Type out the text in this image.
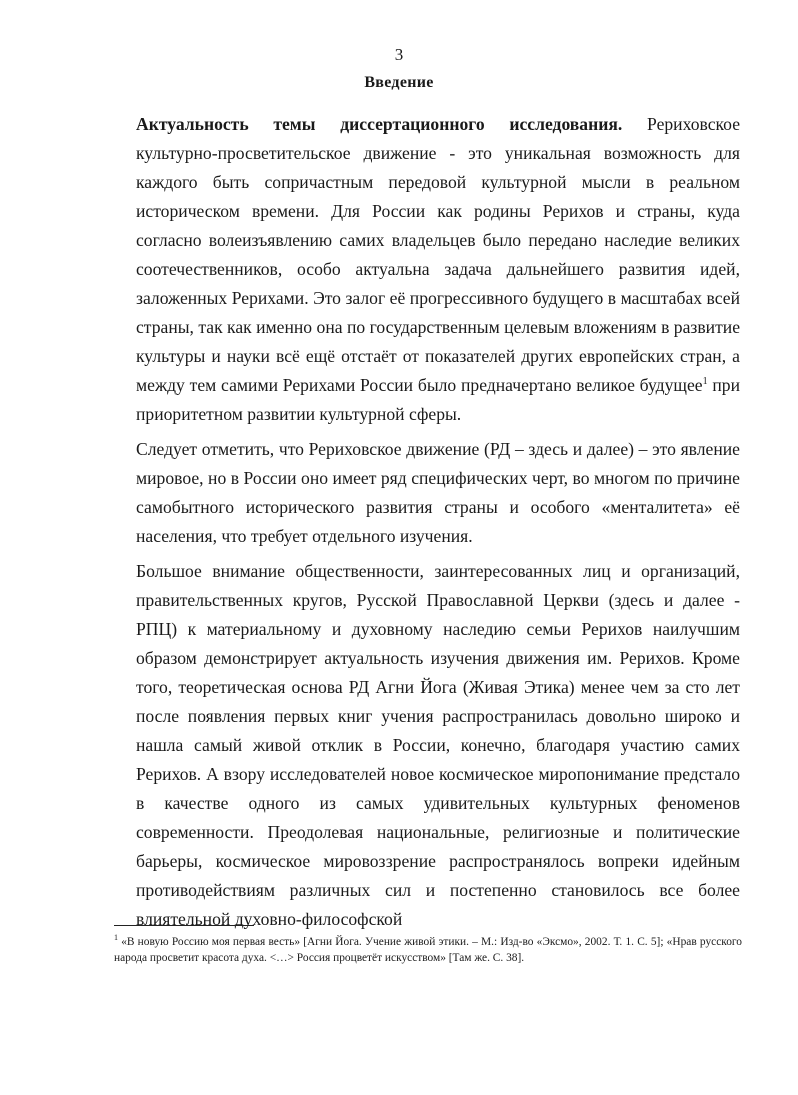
3
Введение

Актуальность темы диссертационного исследования. Рериховское культурно-просветительское движение - это уникальная возможность для каждого быть сопричастным передовой культурной мысли в реальном историческом времени. Для России как родины Рерихов и страны, куда согласно волеизъявлению самих владельцев было передано наследие великих соотечественников, особо актуальна задача дальнейшего развития идей, заложенных Рерихами. Это залог её прогрессивного будущего в масштабах всей страны, так как именно она по государственным целевым вложениям в развитие культуры и науки всё ещё отстаёт от показателей других европейских стран, а между тем самими Рерихами России было предначертано великое будущее$^1$ при приоритетном развитии культурной сферы.

Следует отметить, что Рериховское движение (РД – здесь и далее) – это явление мировое, но в России оно имеет ряд специфических черт, во многом по причине самобытного исторического развития страны и особого «менталитета» её населения, что требует отдельного изучения.

Большое внимание общественности, заинтересованных лиц и организаций, правительственных кругов, Русской Православной Церкви (здесь и далее - РПЦ) к материальному и духовному наследию семьи Рерихов наилучшим образом демонстрирует актуальность изучения движения им. Рерихов. Кроме того, теоретическая основа РД Агни Йога (Живая Этика) менее чем за сто лет после появления первых книг учения распространилась довольно широко и нашла самый живой отклик в России, конечно, благодаря участию самих Рерихов. А взору исследователей новое космическое миропонимание предстало в качестве одного из самых удивительных культурных феноменов современности. Преодолевая национальные, религиозные и политические барьеры, космическое мировоззрение распространялось вопреки идейным противодействиям различных сил и постепенно становилось все более влиятельной духовно-философской

$^1$ «В новую Россию моя первая весть» [Агни Йога. Учение живой этики. – М.: Изд-во «Эксмо», 2002. Т. 1. С. 5]; «Нрав русского народа просветит красота духа. <…> Россия процветёт искусством» [Там же. С. 38].
